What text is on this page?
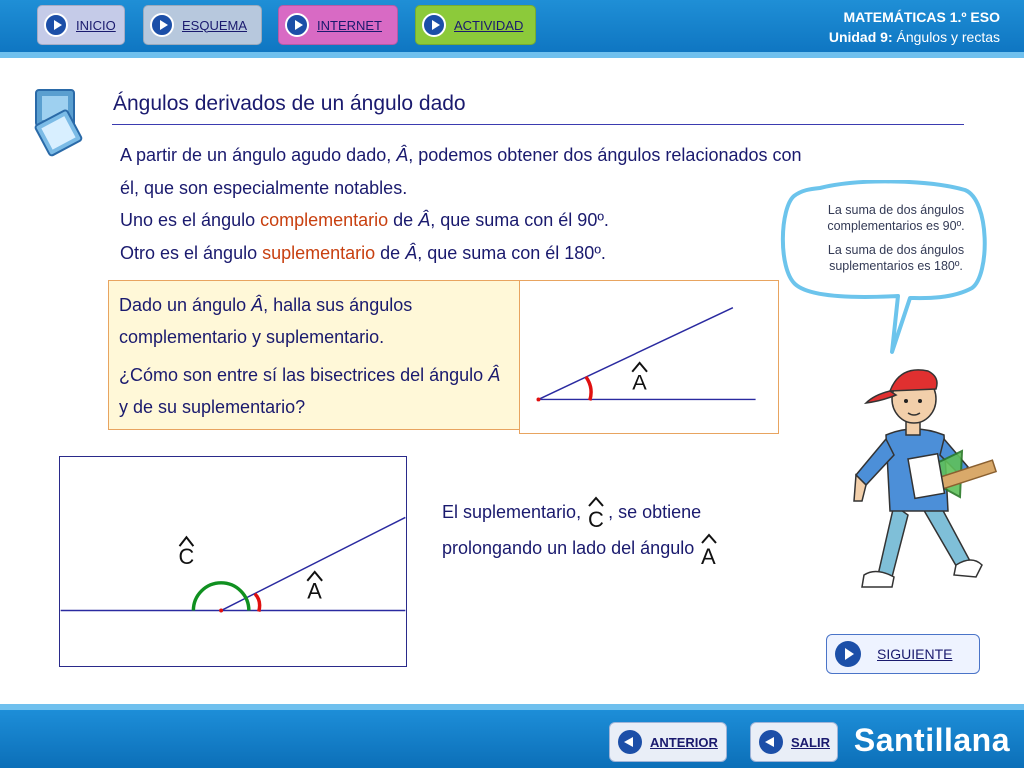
INICIO	ESQUEMA	INTERNET	ACTIVIDAD	MATEMÁTICAS 1.º ESO
Unidad 9: Ángulos y rectas
Ángulos derivados de un ángulo dado

A partir de un ángulo agudo dado, Â, podemos obtener dos ángulos relacionados con él, que son especialmente notables.

Uno es el ángulo complementario de Â, que suma con él 90º.

Otro es el ángulo suplementario de Â, que suma con él 180º.

La suma de dos ángulos complementarios es 90º.

La suma de dos ángulos suplementarios es 180º.

Dado un ángulo Â, halla sus ángulos complementario y suplementario.

¿Cómo son entre sí las bisectrices del ángulo Â y de su suplementario?

A
C
A
El suplementario, C , se obtiene prolongando un lado del ángulo A
SIGUIENTE
ANTERIOR	SALIR Santillana
